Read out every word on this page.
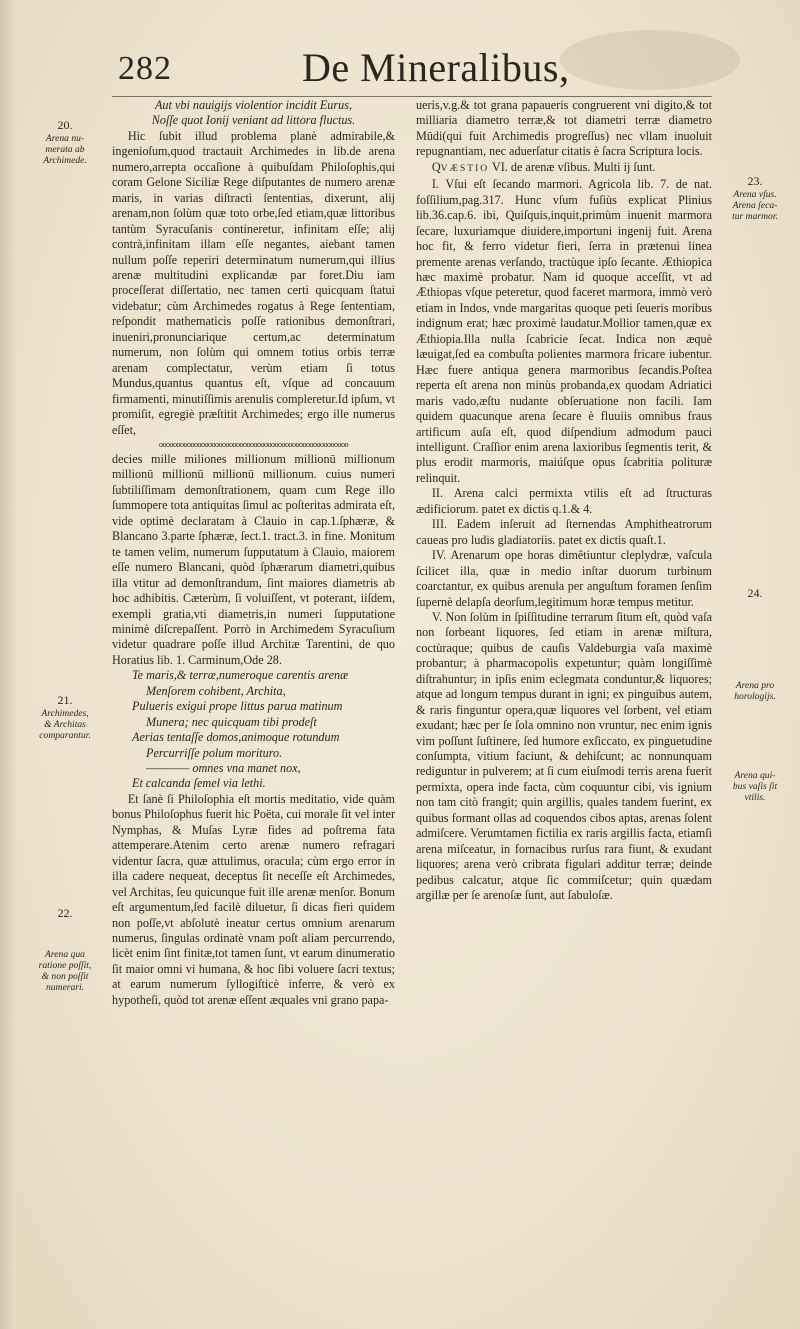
282	De Mineralibus,

Aut vbi nauigijs violentior incidit Eurus,

Noſſe quot Ionij veniant ad littora fluctus.

Hic ſubit illud problema planè admirabile,& ingenioſum,quod tractauit Archimedes in lib.de arena numero,arrepta occaſione à quibuſdam Philoſophis,qui coram Gelone Siciliæ Rege diſputantes de numero arenæ maris, in varias diſtractì ſententias, dixerunt, alij arenam,non ſolùm quæ toto orbe,ſed etiam,quæ littoribus tantùm Syracuſanis contineretur, infinitam eſſe; alij contrà,infinitam illam eſſe negantes, aiebant tamen nullum poſſe reperiri determinatum numerum,qui illius arenæ multitudini explicandæ par foret.Diu iam proceſſerat diſſertatio, nec tamen certi quicquam ſtatui videbatur; cùm Archimedes rogatus à Rege ſententiam, reſpondit mathematicis poſſe rationibus demonſtrari, inueniri,pronunciarique certum,ac determinatum numerum, non ſolùm qui omnem totius orbis terræ arenam complectatur, verùm etiam ſi totus Mundus,quantus quantus eſt, vſque ad concauum firmamenti, minutiſſimis arenulis compleretur.Id ipſum, vt promiſit, egregiè præſtitit Archimedes; ergo ille numerus eſſet,

oooooooooooooooooooooooooooooooooooooooooooooooooooooo

decies mille miliones millionum millionū millionum millionū millionū millionū millionum. cuius numeri ſubtiliſſimam demonſtrationem, quam cum Rege illo ſummopere tota antiquitas ſimul ac poſteritas admirata eſt, vide optimè declaratam à Clauio in cap.1.ſphæræ, & Blancano 3.parte ſphæræ, ſect.1. tract.3. in fine. Monitum te tamen velim, numerum ſupputatum à Clauio, maiorem eſſe numero Blancani, quòd ſphærarum diametri,quibus illa vtitur ad demonſtrandum, ſint maiores diametris ab hoc adhibitis. Cæterùm, ſi voluiſſent, vt poterant, iiſdem, exempli gratia,vti diametris,in numeri ſupputatione minimè diſcrepaſſent. Porrò in Archimedem Syracuſium videtur quadrare poſſe illud Architæ Tarentini, de quo Horatius lib. 1. Carminum,Ode 28.

Te maris,& terræ,numeroque carentis arenæ
Menſorem cohibent, Archita,
Pulueris exigui prope littus parua matinum
Munera; nec quicquam tibi prodeſt
Aerias tentaſſe domos,animoque rotundum
Percurriſſe polum morituro.
———— omnes vna manet nox,
Et calcanda ſemel via lethi.

Et ſanè ſi Philoſophia eſt mortis meditatio, vide quàm bonus Philoſophus fuerit hic Poëta, cui morale ſit vel inter Nymphas, & Muſas Lyræ fides ad poſtrema fata attemperare.Atenim certo arenæ numero refragari videntur ſacra, quæ attulimus, oracula; cùm ergo error in illa cadere nequeat, deceptus ſit neceſſe eſt Archimedes, vel Architas, ſeu quicunque fuit ille arenæ menſor. Bonum eſt argumentum,ſed facilè diluetur, ſi dicas fieri quidem non poſſe,vt abſolutè ineatur certus omnium arenarum numerus, ſingulas ordinatè vnam poſt aliam percurrendo, licèt enim ſint finitæ,tot tamen ſunt, vt earum dinumeratio ſit maior omni vi humana, & hoc ſibi voluere ſacri textus; at earum numerum ſyllogiſticè inferre, & verò ex hypotheſi, quòd tot arenæ eſſent æquales vni grano papa-

ueris,v.g.& tot grana papaueris congruerent vni digito,& tot milliaria diametro terræ,& tot diametri terræ diametro Mūdi(qui fuit Archimedis progreſſus) nec vllam inuoluit repugnantiam, nec aduerſatur citatis è ſacra Scriptura locis.

QVÆSTIO VI. de arenæ vſibus. Multi ij ſunt.

I. Vſui eſt ſecando marmori. Agricola lib. 7. de nat. foſſilium,pag.317. Hunc vſum fuſiùs explicat Plinius lib.36.cap.6. ibi, Quiſquis,inquit,primùm inuenit marmora ſecare, luxuriamque diuidere,importuni ingenij fuit. Arena hoc fit, & ferro videtur fieri, ſerra in prætenui linea premente arenas verſando, tractùque ipſo ſecante. Æthiopica hæc maximè probatur. Nam id quoque acceſſit, vt ad Æthiopas vſque peteretur, quod faceret marmora, immò verò etiam in Indos, vnde margaritas quoque peti ſeueris moribus indignum erat; hæc proximè laudatur.Mollior tamen,quæ ex Æthiopia.Illa nulla ſcabricie ſecat. Indica non æquè læuigat,ſed ea combuſta polientes marmora fricare iubentur. Hæc fuere antiqua genera marmoribus ſecandis.Poſtea reperta eſt arena non minùs probanda,ex quodam Adriatici maris vado,æſtu nudante obſeruatione non facili. Iam quidem quacunque arena ſecare è fluuiis omnibus fraus artificum auſa eſt, quod diſpendium admodum pauci intelligunt. Craſſior enim arena laxioribus ſegmentis terit, & plus erodit marmoris, maiúſque opus ſcabritia polituræ relinquit.

II. Arena calci permixta vtilis eſt ad ſtructuras ædificiorum. patet ex dictis q.1.& 4.

III. Eadem inſeruit ad ſternendas Amphitheatrorum caueas pro ludis gladiatoriis. patet ex dictis quaſt.1.

IV. Arenarum ope horas dimêtiuntur cleplydræ, vaſcula ſcilicet illa, quæ in medio inſtar duorum turbinum coarctantur, ex quibus arenula per anguſtum foramen ſenſim ſupernè delapſa deorſum,legitimum horæ tempus metitur.

V. Non ſolùm in ſpiſſitudine terrarum ſitum eſt, quòd vaſa non ſorbeant liquores, ſed etiam in arenæ miſtura, coctùraque; quibus de cauſis Valdeburgia vaſa maximè probantur; à pharmacopolis expetuntur; quàm longiſſimè diſtrahuntur; in ipſis enim eclegmata conduntur,& liquores; atque ad longum tempus durant in igni; ex pinguibus autem, & raris finguntur opera,quæ liquores vel ſorbent, vel etiam exudant; hæc per ſe ſola omnino non vruntur, nec enim ignis vim poſſunt ſuſtinere, ſed humore exſiccato, ex pinguetudine conſumpta, vitium faciunt, & dehiſcunt; ac nonnunquam rediguntur in pulverem; at ſi cum eiuſmodi terris arena fuerit permixta, opera inde facta, cùm coquuntur cibi, vis ignium non tam citò frangit; quin argillis, quales tandem fuerint, ex quibus formant ollas ad coquendos cibos aptas, arenas ſolent admiſcere. Verumtamen fictilia ex raris argillis facta, etiamſi arena miſceatur, in fornacibus rurſus rara fiunt, & exudant liquores; arena verò cribrata figulari additur terræ; deinde pedibus calcatur, atque ſic commiſcetur; quin quædam argillæ per ſe arenoſæ ſunt, aut ſabuloſæ.

20.
Arena nu-
merata ab
Archimede.
21.
Archimedes,
& Architas
comparantur.
22.
Arena qua
ratione poſſit,
& non poſſit
numerari.
23.
Arena vſus.
Arena ſeca-
tur marmor.
24.
Arena pro
horologijs.
Arena qui-
bus vaſis ſit
vtilis.
